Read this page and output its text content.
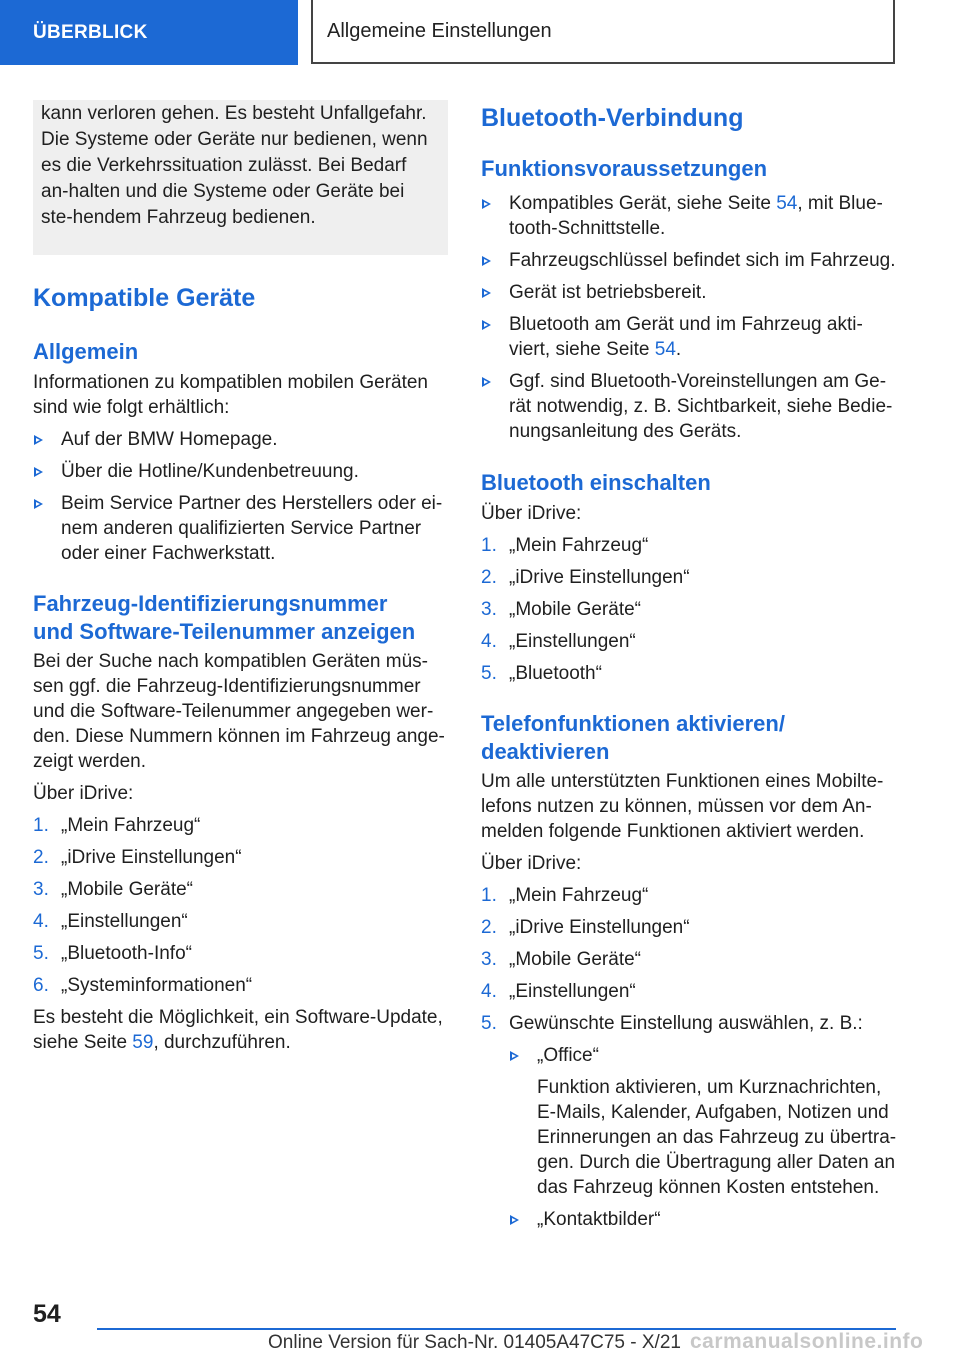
ÜBERBLICK	Allgemeine Einstellungen

kann verloren gehen. Es besteht Unfallgefahr. Die Systeme oder Geräte nur bedienen, wenn es die Verkehrssituation zulässt. Bei Bedarf an-halten und die Systeme oder Geräte bei ste-hendem Fahrzeug bedienen.

Kompatible Geräte
Allgemein

Informationen zu kompatiblen mobilen Geräten sind wie folgt erhältlich:

Auf der BMW Homepage.
Über die Hotline/Kundenbetreuung.
Beim Service Partner des Herstellers oder ei-nem anderen qualifizierten Service Partner oder einer Fachwerkstatt.
Fahrzeug-Identifizierungsnummer und Software-Teilenummer anzeigen

Bei der Suche nach kompatiblen Geräten müs-sen ggf. die Fahrzeug-Identifizierungsnummer und die Software-Teilenummer angegeben wer-den. Diese Nummern können im Fahrzeug ange-zeigt werden.

Über iDrive:

1. „Mein Fahrzeug“
2. „iDrive Einstellungen“
3. „Mobile Geräte“
4. „Einstellungen“
5. „Bluetooth-Info“
6. „Systeminformationen“

Es besteht die Möglichkeit, ein Software-Update, siehe Seite 59, durchzuführen.

Bluetooth-Verbindung
Funktionsvoraussetzungen
Kompatibles Gerät, siehe Seite 54, mit Blue-tooth-Schnittstelle.
Fahrzeugschlüssel befindet sich im Fahrzeug.
Gerät ist betriebsbereit.
Bluetooth am Gerät und im Fahrzeug akti-viert, siehe Seite 54.
Ggf. sind Bluetooth-Voreinstellungen am Ge-rät notwendig, z. B. Sichtbarkeit, siehe Bedie-nungsanleitung des Geräts.
Bluetooth einschalten

Über iDrive:

1. „Mein Fahrzeug“
2. „iDrive Einstellungen“
3. „Mobile Geräte“
4. „Einstellungen“
5. „Bluetooth“
Telefonfunktionen aktivieren/ deaktivieren

Um alle unterstützten Funktionen eines Mobilte-lefons nutzen zu können, müssen vor dem An-melden folgende Funktionen aktiviert werden.

Über iDrive:

1. „Mein Fahrzeug“
2. „iDrive Einstellungen“
3. „Mobile Geräte“
4. „Einstellungen“
5. Gewünschte Einstellung auswählen, z. B.:
„Office“

Funktion aktivieren, um Kurznachrichten, E-Mails, Kalender, Aufgaben, Notizen und Erinnerungen an das Fahrzeug zu übertra-gen. Durch die Übertragung aller Daten an das Fahrzeug können Kosten entstehen.

„Kontaktbilder“
54
Online Version für Sach-Nr. 01405A47C75 - X/21 carmanualsonline.info
